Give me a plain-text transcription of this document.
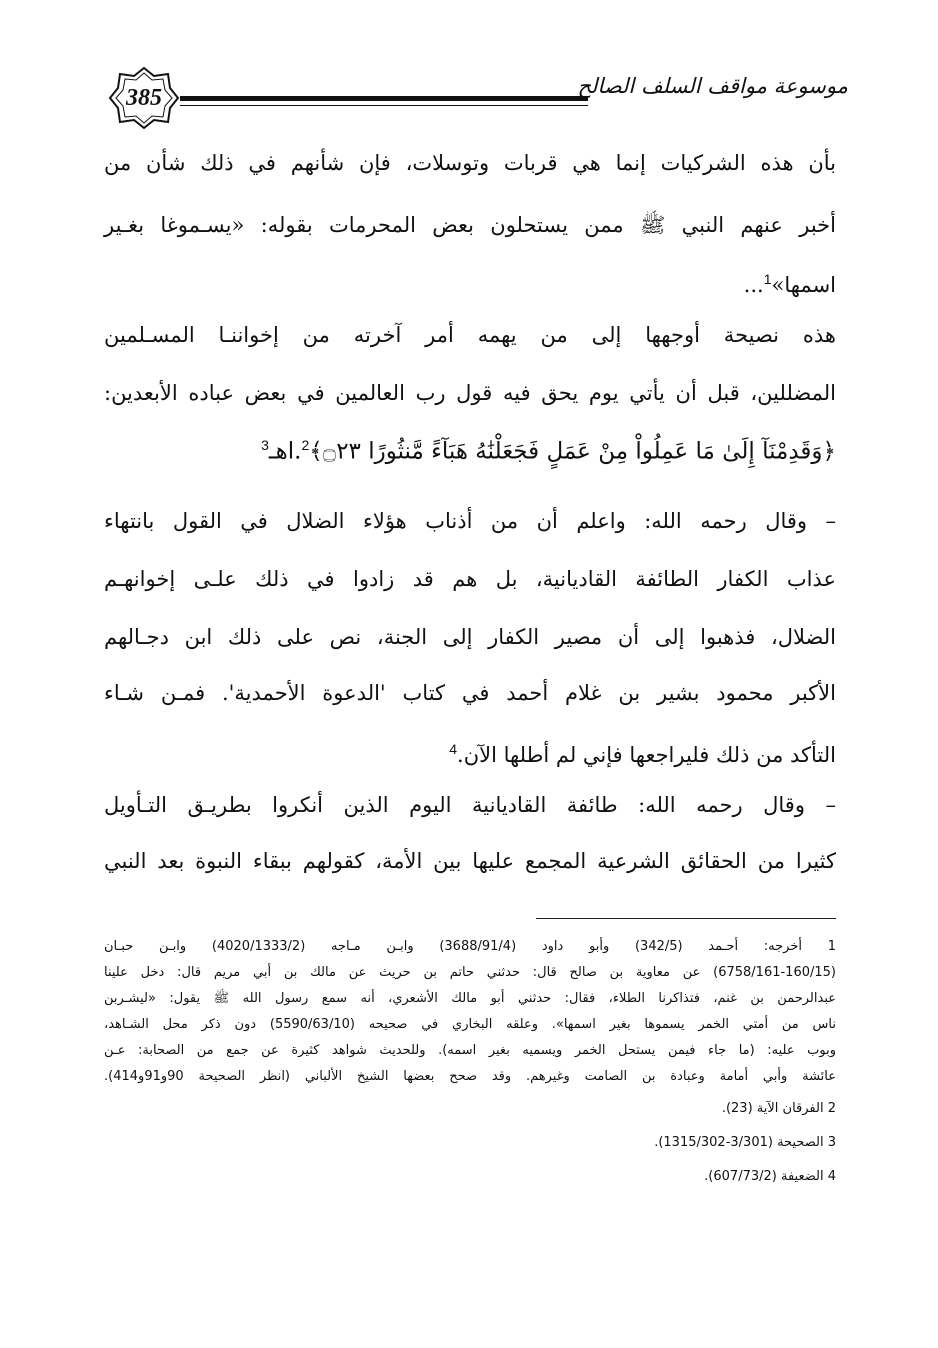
385	موسوعة مواقف السلف الصالح
بأن هذه الشركيات إنما هي قربات وتوسلات، فإن شأنهم في ذلك شأن من
أخبر عنهم النبي ﷺ ممن يستحلون بعض المحرمات بقوله: «يسـموغا بغـير
اسمها»$^1$...
هذه نصيحة أوجهها إلى من يهمه أمر آخرته من إخواننـا المسـلمين
المضللين، قبل أن يأتي يوم يحق فيه قول رب العالمين في بعض عباده الأبعدين:
﴿وَقَدِمْنَآ إِلَىٰ مَا عَمِلُواْ مِنْ عَمَلٍ فَجَعَلْنَٰهُ هَبَآءً مَّنثُورًا ۝٢٣﴾$^2$.اهـ$^3$
– وقال رحمه الله: واعلم أن من أذناب هؤلاء الضلال في القول بانتهاء
عذاب الكفار الطائفة القاديانية، بل هم قد زادوا في ذلك علـى إخوانهـم
الضلال، فذهبوا إلى أن مصير الكفار إلى الجنة، نص على ذلك ابن دجـالهم
الأكبر محمود بشير بن غلام أحمد في كتاب 'الدعوة الأحمدية'. فمـن شـاء
التأكد من ذلك فليراجعها فإني لم أطلها الآن.$^4$
– وقال رحمه الله: طائفة القاديانية اليوم الذين أنكروا بطريـق التـأويل
كثيرا من الحقائق الشرعية المجمع عليها بين الأمة، كقولهم ببقاء النبوة بعد النبي
1 أخرجه: أحـمد (342/5) وأبو داود (3688/91/4) وابـن مـاجه (4020/1333/2) وابـن حبـان
(6758/161-160/15) عن معاوية بن صالح قال: حدثني حاتم بن حريث عن مالك بن أبي مريم قال: دخل علينا
عبدالرحمن بن غنم، فتذاكرنا الطلاء، فقال: حدثني أبو مالك الأشعري، أنه سمع رسول الله ﷺ يقول: «ليشـربن
ناس من أمتي الخمر يسموها بغير اسمها». وعلقه البخاري في صحيحه (5590/63/10) دون ذكر محل الشـاهد،
وبوب عليه: (ما جاء فيمن يستحل الخمر ويسميه بغير اسمه). وللحديث شواهد كثيرة عن جمع من الصحابة: عـن
عائشة وأبي أمامة وعبادة بن الصامت وغيرهم. وقد صحح بعضها الشيخ الألباني (انظر الصحيحة 90و91و414).
2 الفرقان الآية (23).
3 الصحيحة (3/301-1315/302).
4 الضعيفة (607/73/2).
